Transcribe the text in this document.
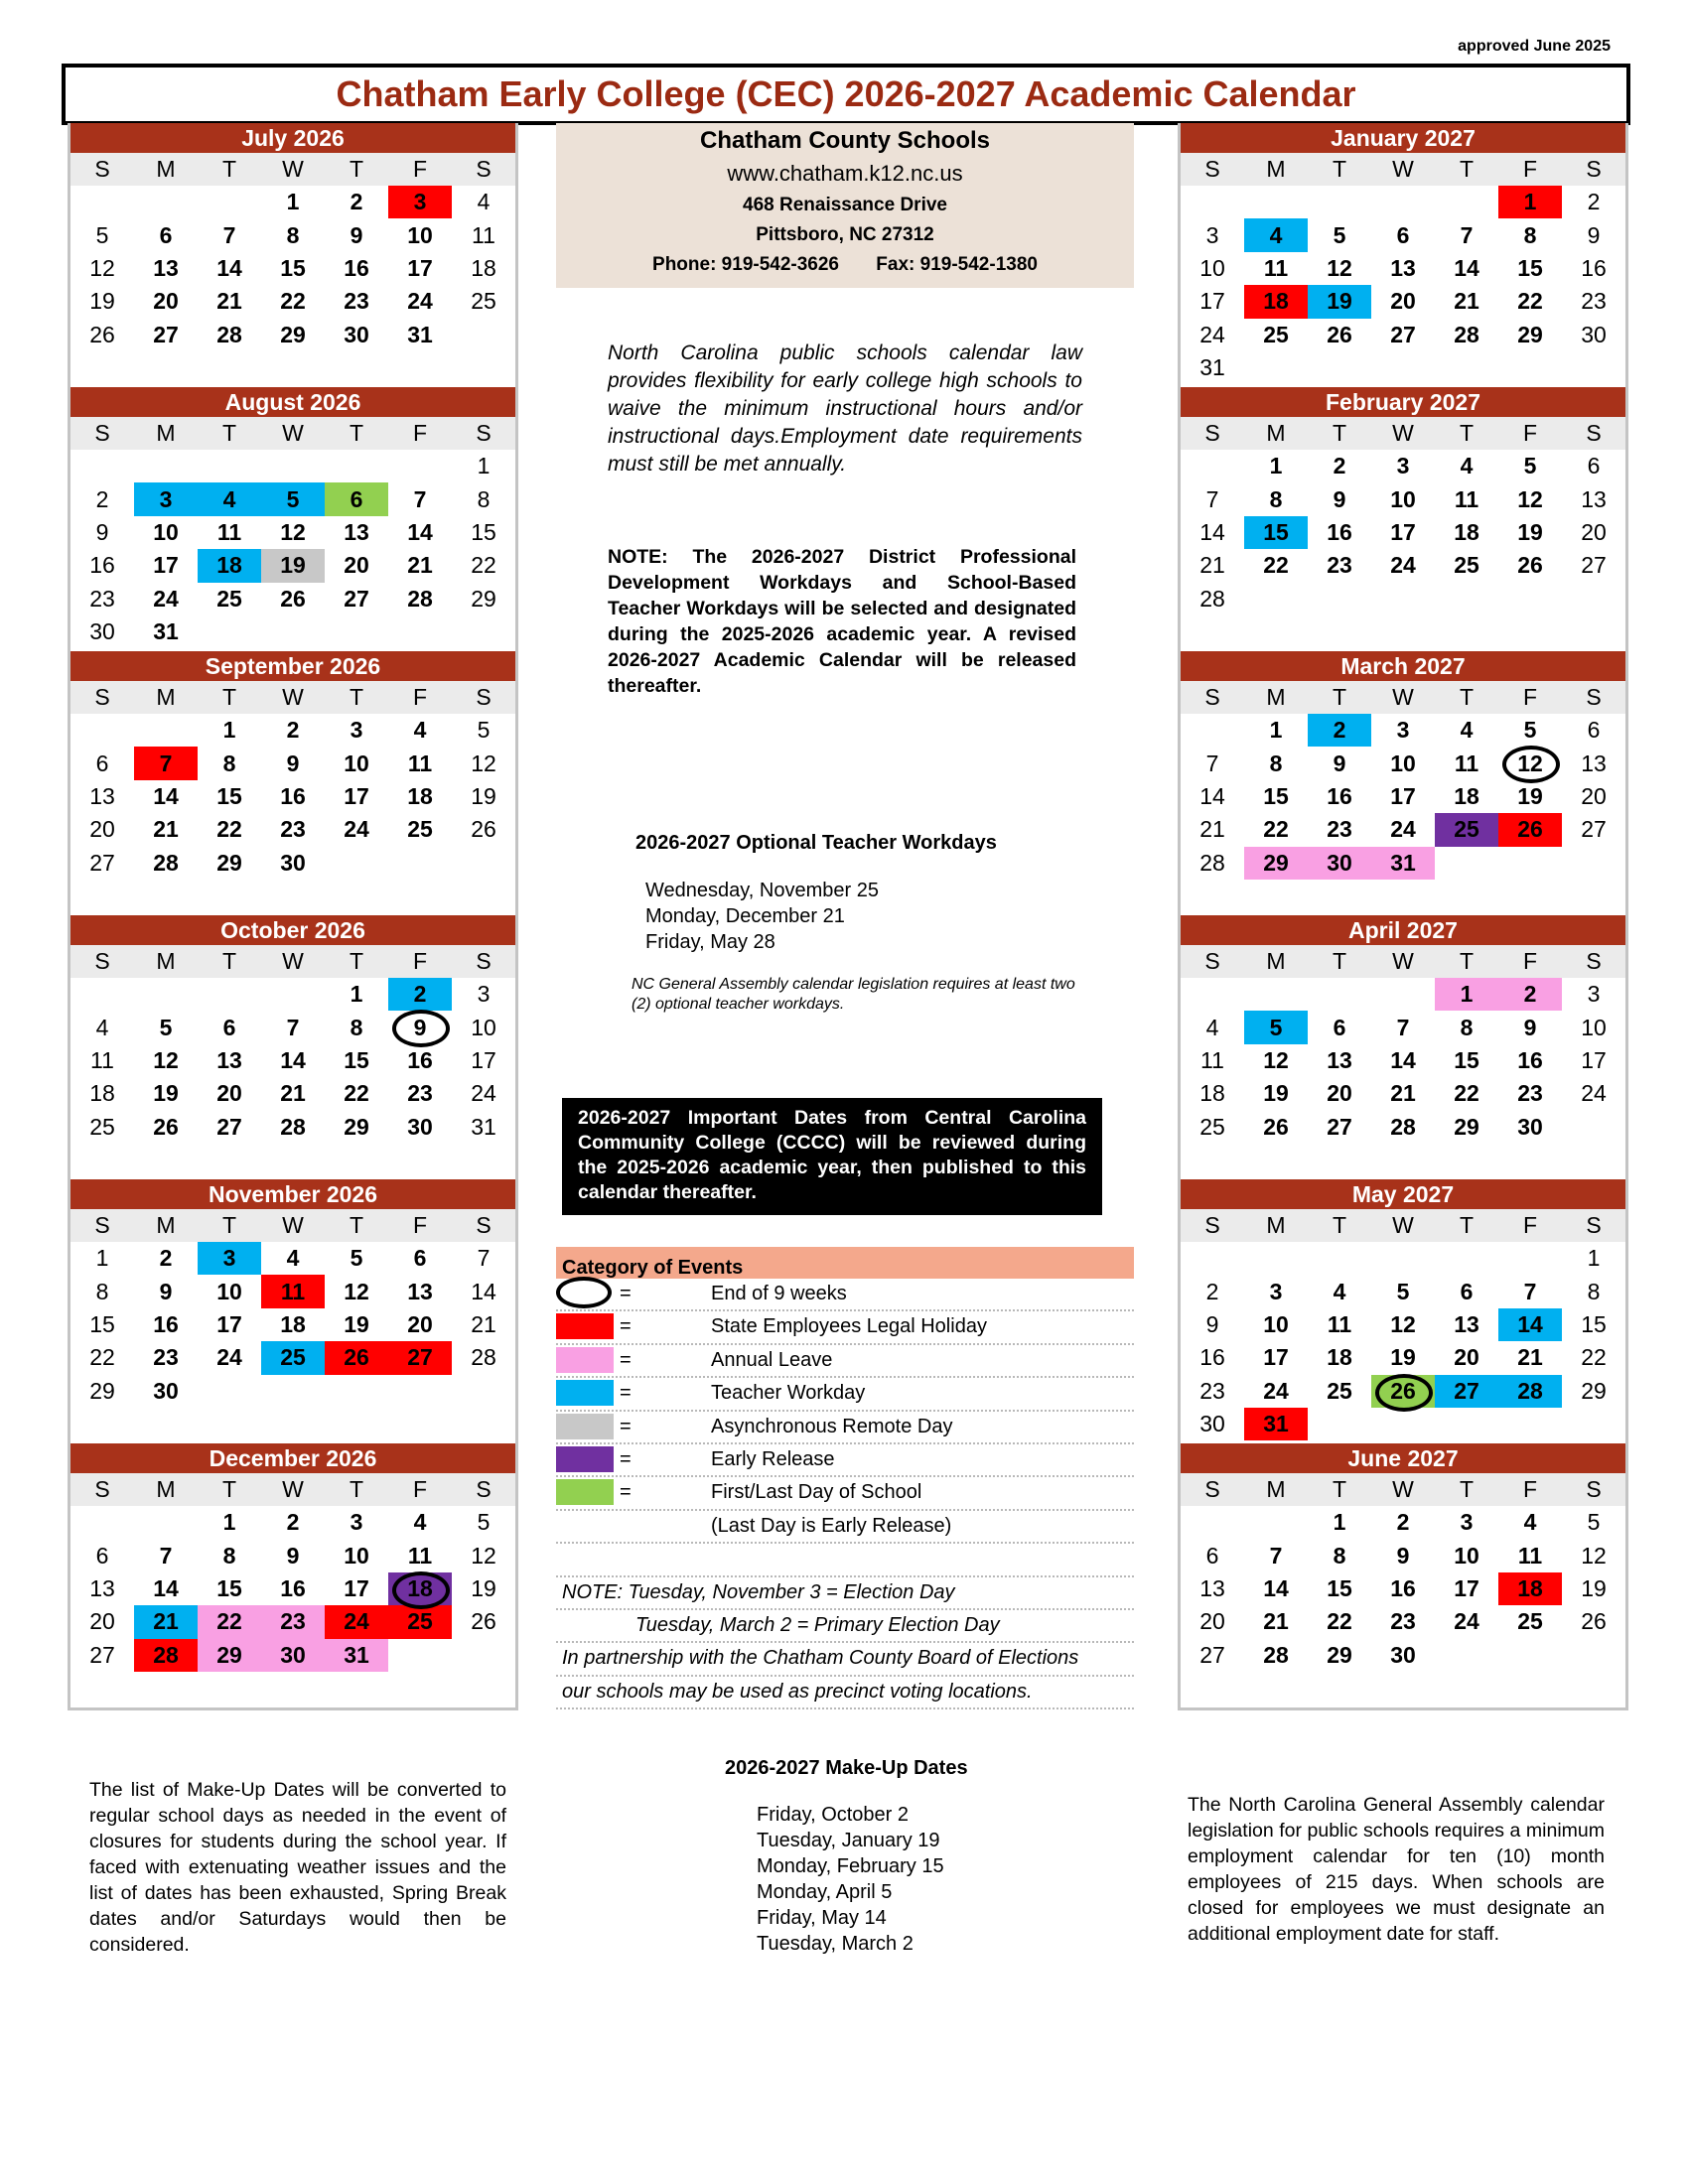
approved June 2025
Chatham Early College (CEC) 2026-2027 Academic Calendar
July 2026
S	M	T	W	T	F	S
			1	2	3	4
5	6	7	8	9	10	11
12	13	14	15	16	17	18
19	20	21	22	23	24	25
26	27	28	29	30	31	
August 2026
S	M	T	W	T	F	S
						1
2	3	4	5	6	7	8
9	10	11	12	13	14	15
16	17	18	19	20	21	22
23	24	25	26	27	28	29
30	31					
September 2026
S	M	T	W	T	F	S
		1	2	3	4	5
6	7	8	9	10	11	12
13	14	15	16	17	18	19
20	21	22	23	24	25	26
27	28	29	30			
October 2026
S	M	T	W	T	F	S
				1	2	3
4	5	6	7	8	9	10
11	12	13	14	15	16	17
18	19	20	21	22	23	24
25	26	27	28	29	30	31
November 2026
S	M	T	W	T	F	S
1	2	3	4	5	6	7
8	9	10	11	12	13	14
15	16	17	18	19	20	21
22	23	24	25	26	27	28
29	30					
December 2026
S	M	T	W	T	F	S
		1	2	3	4	5
6	7	8	9	10	11	12
13	14	15	16	17	18	19
20	21	22	23	24	25	26
27	28	29	30	31		
January 2027
S	M	T	W	T	F	S
					1	2
3	4	5	6	7	8	9
10	11	12	13	14	15	16
17	18	19	20	21	22	23
24	25	26	27	28	29	30
31						
February 2027
S	M	T	W	T	F	S
	1	2	3	4	5	6
7	8	9	10	11	12	13
14	15	16	17	18	19	20
21	22	23	24	25	26	27
28						
March 2027
S	M	T	W	T	F	S
	1	2	3	4	5	6
7	8	9	10	11	12	13
14	15	16	17	18	19	20
21	22	23	24	25	26	27
28	29	30	31			
April 2027
S	M	T	W	T	F	S
				1	2	3
4	5	6	7	8	9	10
11	12	13	14	15	16	17
18	19	20	21	22	23	24
25	26	27	28	29	30	
May 2027
S	M	T	W	T	F	S
						1
2	3	4	5	6	7	8
9	10	11	12	13	14	15
16	17	18	19	20	21	22
23	24	25	26	27	28	29
30	31					
June 2027
S	M	T	W	T	F	S
		1	2	3	4	5
6	7	8	9	10	11	12
13	14	15	16	17	18	19
20	21	22	23	24	25	26
27	28	29	30			
Chatham County Schools
www.chatham.k12.nc.us
468 Renaissance Drive
Pittsboro, NC 27312
Phone: 919-542-3626 Fax: 919-542-1380
North Carolina public schools calendar law provides flexibility for early college high schools to waive the minimum instructional hours and/or instructional days.Employment date requirements must still be met annually.
NOTE: The 2026-2027 District Professional Development Workdays and School-Based Teacher Workdays will be selected and designated during the 2025-2026 academic year. A revised 2026-2027 Academic Calendar will be released thereafter.
2026-2027 Optional Teacher Workdays
Wednesday, November 25
Monday, December 21
Friday, May 28
NC General Assembly calendar legislation requires at least two (2) optional teacher workdays.
2026-2027 Important Dates from Central Carolina Community College (CCCC) will be reviewed during the 2025-2026 academic year, then published to this calendar thereafter.
Category of Events
=	End of 9 weeks
=	State Employees Legal Holiday
=	Annual Leave
=	Teacher Workday
=	Asynchronous Remote Day
=	Early Release
=	First/Last Day of School
(Last Day is Early Release)
NOTE: Tuesday, November 3 = Election Day
Tuesday, March 2 = Primary Election Day
In partnership with the Chatham County Board of Elections
our schools may be used as precinct voting locations.
The list of Make-Up Dates will be converted to regular school days as needed in the event of closures for students during the school year. If faced with extenuating weather issues and the list of dates has been exhausted, Spring Break dates and/or Saturdays would then be considered.
2026-2027 Make-Up Dates
Friday, October 2
Tuesday, January 19
Monday, February 15
Monday, April 5
Friday, May 14
Tuesday, March 2
The North Carolina General Assembly calendar legislation for public schools requires a minimum employment calendar for ten (10) month employees of 215 days. When schools are closed for employees we must designate an additional employment date for staff.
